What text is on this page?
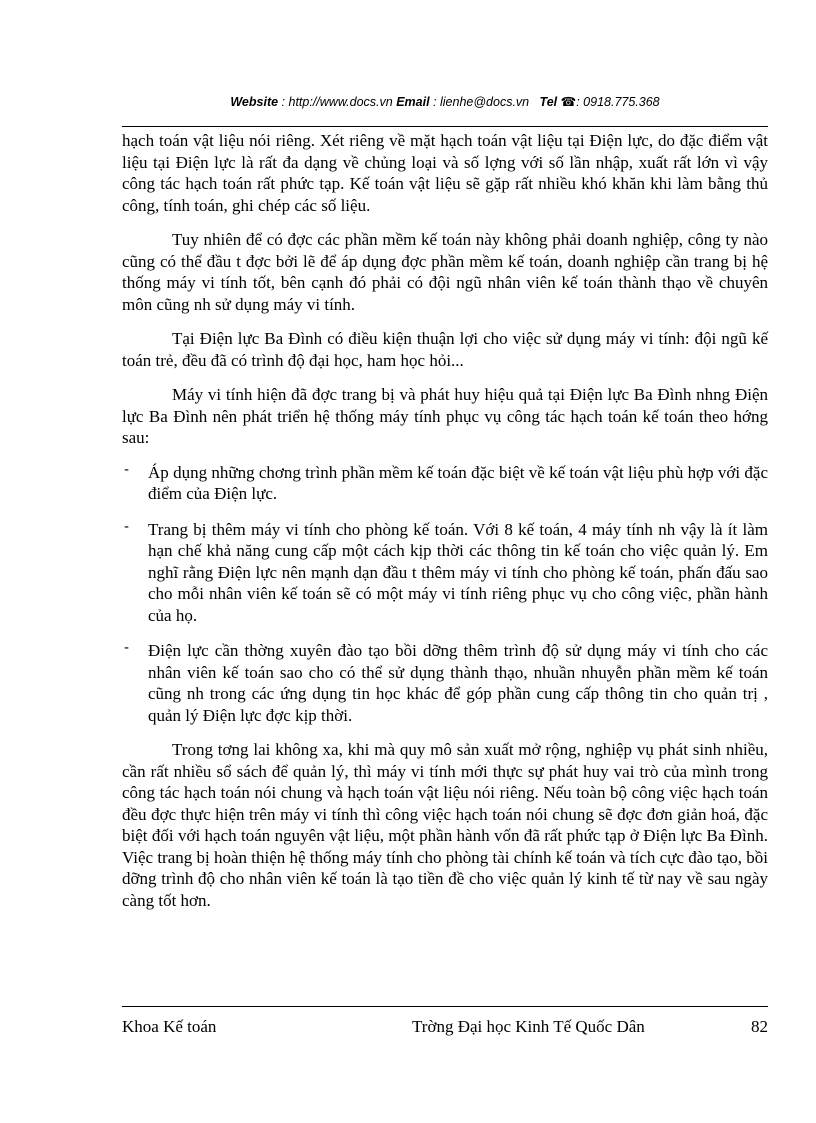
Website : http://www.docs.vn Email : lienhe@docs.vn Tel ☎: 0918.775.368

hạch toán vật liệu nói riêng. Xét riêng về mặt hạch toán vật liệu tại Điện lực, do đặc điểm vật liệu tại Điện lực là rất đa dạng về chủng loại và số lợng với số lần nhập, xuất rất lớn vì vậy công tác hạch toán rất phức tạp. Kế toán vật liệu sẽ gặp rất nhiều khó khăn khi làm bằng thủ công, tính toán, ghi chép các số liệu.

Tuy nhiên để có đợc các phần mềm kế toán này không phải doanh nghiệp, công ty nào cũng có thể đầu t đợc bởi lẽ để áp dụng đợc phần mềm kế toán, doanh nghiệp cần trang bị hệ thống máy vi tính tốt, bên cạnh đó phải có đội ngũ nhân viên kế toán thành thạo về chuyên môn cũng nh sử dụng máy vi tính.

Tại Điện lực Ba Đình có điều kiện thuận lợi cho việc sử dụng máy vi tính: đội ngũ kế toán trẻ, đều đã có trình độ đại học, ham học hỏi...

Máy vi tính hiện đã đợc trang bị và phát huy hiệu quả tại Điện lực Ba Đình nhng Điện lực Ba Đình nên phát triển hệ thống máy tính phục vụ công tác hạch toán kế toán theo hớng sau:

- Áp dụng những chơng trình phần mềm kế toán đặc biệt về kế toán vật liệu phù hợp với đặc điểm của Điện lực.
- Trang bị thêm máy vi tính cho phòng kế toán. Với 8 kế toán, 4 máy tính nh vậy là ít làm hạn chế khả năng cung cấp một cách kịp thời các thông tin kế toán cho việc quản lý. Em nghĩ rằng Điện lực nên mạnh dạn đầu t thêm máy vi tính cho phòng kế toán, phấn đấu sao cho mỗi nhân viên kế toán sẽ có một máy vi tính riêng phục vụ cho công việc, phần hành của họ.
- Điện lực cần thờng xuyên đào tạo bồi dỡng thêm trình độ sử dụng máy vi tính cho các nhân viên kế toán sao cho có thể sử dụng thành thạo, nhuần nhuyễn phần mềm kế toán cũng nh trong các ứng dụng tin học khác để góp phần cung cấp thông tin cho quản trị , quản lý Điện lực đợc kịp thời.

Trong tơng lai không xa, khi mà quy mô sản xuất mở rộng, nghiệp vụ phát sinh nhiều, cần rất nhiều sổ sách để quản lý, thì máy vi tính mới thực sự phát huy vai trò của mình trong công tác hạch toán nói chung và hạch toán vật liệu nói riêng. Nếu toàn bộ công việc hạch toán đều đợc thực hiện trên máy vi tính thì công việc hạch toán nói chung sẽ đợc đơn giản hoá, đặc biệt đối với hạch toán nguyên vật liệu, một phần hành vốn đã rất phức tạp ở Điện lực Ba Đình. Việc trang bị hoàn thiện hệ thống máy tính cho phòng tài chính kế toán và tích cực đào tạo, bồi dỡng trình độ cho nhân viên kế toán là tạo tiền đề cho việc quản lý kinh tế từ nay về sau ngày càng tốt hơn.

Khoa Kế toán	Trờng Đại học Kinh Tế Quốc Dân	82
